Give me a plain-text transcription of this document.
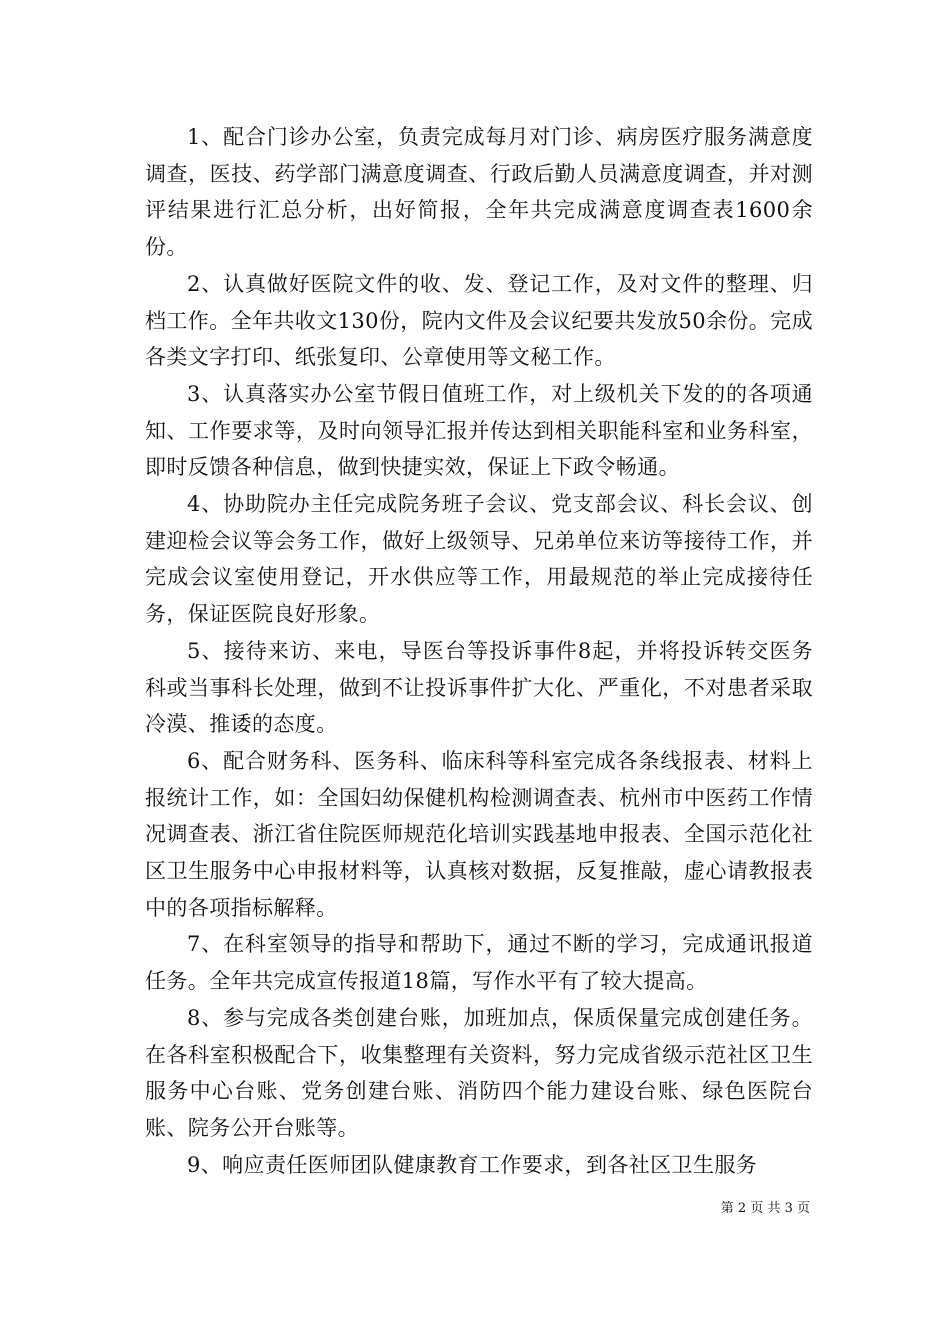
1、配合门诊办公室，负责完成每月对门诊、病房医疗服务满意度调查，医技、药学部门满意度调查、行政后勤人员满意度调查，并对测评结果进行汇总分析，出好简报，全年共完成满意度调查表1600余份。

2、认真做好医院文件的收、发、登记工作，及对文件的整理、归档工作。全年共收文130份，院内文件及会议纪要共发放50余份。完成各类文字打印、纸张复印、公章使用等文秘工作。

3、认真落实办公室节假日值班工作，对上级机关下发的的各项通知、工作要求等，及时向领导汇报并传达到相关职能科室和业务科室，即时反馈各种信息，做到快捷实效，保证上下政令畅通。

4、协助院办主任完成院务班子会议、党支部会议、科长会议、创建迎检会议等会务工作，做好上级领导、兄弟单位来访等接待工作，并完成会议室使用登记，开水供应等工作，用最规范的举止完成接待任务，保证医院良好形象。

5、接待来访、来电，导医台等投诉事件8起，并将投诉转交医务科或当事科长处理，做到不让投诉事件扩大化、严重化，不对患者采取冷漠、推诿的态度。

6、配合财务科、医务科、临床科等科室完成各条线报表、材料上报统计工作，如：全国妇幼保健机构检测调查表、杭州市中医药工作情况调查表、浙江省住院医师规范化培训实践基地申报表、全国示范化社区卫生服务中心申报材料等，认真核对数据，反复推敲，虚心请教报表中的各项指标解释。

7、在科室领导的指导和帮助下，通过不断的学习，完成通讯报道任务。全年共完成宣传报道18篇，写作水平有了较大提高。

8、参与完成各类创建台账，加班加点，保质保量完成创建任务。在各科室积极配合下，收集整理有关资料，努力完成省级示范社区卫生服务中心台账、党务创建台账、消防四个能力建设台账、绿色医院台账、院务公开台账等。

9、响应责任医师团队健康教育工作要求，到各社区卫生服务

第 2 页 共 3 页
